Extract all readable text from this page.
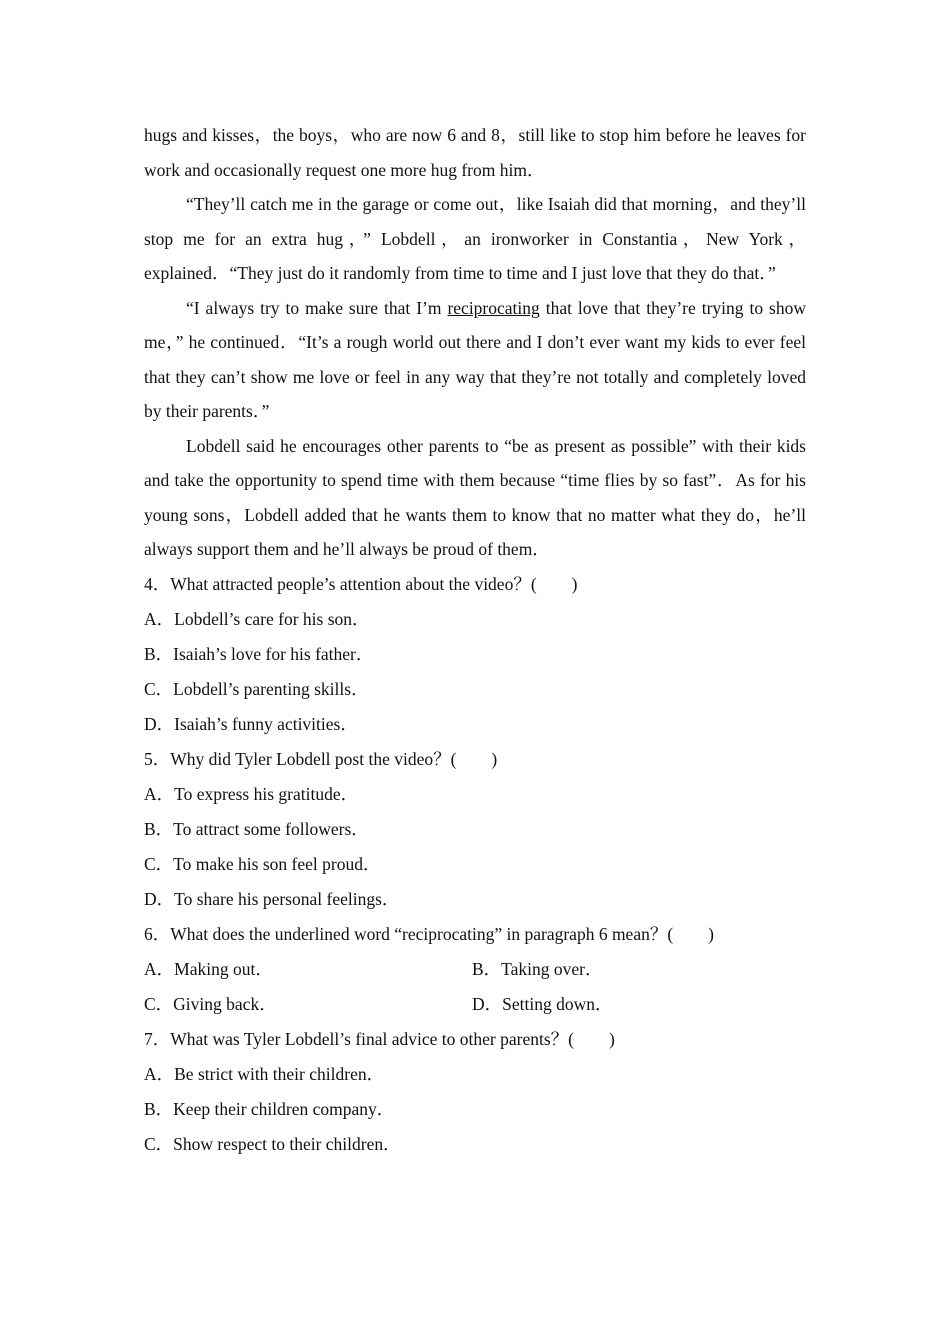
hugs and kisses，the boys，who are now 6 and 8，still like to stop him before he leaves for work and occasionally request one more hug from him．

“They’ll catch me in the garage or come out，like Isaiah did that morning，and they’ll stop me for an extra hug，” Lobdell，an ironworker in Constantia，New York，explained．“They just do it randomly from time to time and I just love that they do that．”

“I always try to make sure that I’m reciprocating that love that they’re trying to show me，” he continued．“It’s a rough world out there and I don’t ever want my kids to ever feel that they can’t show me love or feel in any way that they’re not totally and completely loved by their parents．”

Lobdell said he encourages other parents to “be as present as possible” with their kids and take the opportunity to spend time with them because “time flies by so fast”．As for his young sons，Lobdell added that he wants them to know that no matter what they do，he’ll always support them and he’ll always be proud of them．

4．What attracted people’s attention about the video？(　　)
A．Lobdell’s care for his son．
B．Isaiah’s love for his father．
C．Lobdell’s parenting skills．
D．Isaiah’s funny activities．
5．Why did Tyler Lobdell post the video？(　　)
A．To express his gratitude．
B．To attract some followers．
C．To make his son feel proud．
D．To share his personal feelings．
6．What does the underlined word “reciprocating” in paragraph 6 mean？(　　)
A．Making out．	B．Taking over．
C．Giving back．	D．Setting down．
7．What was Tyler Lobdell’s final advice to other parents？(　　)
A．Be strict with their children．
B．Keep their children company．
C．Show respect to their children．
